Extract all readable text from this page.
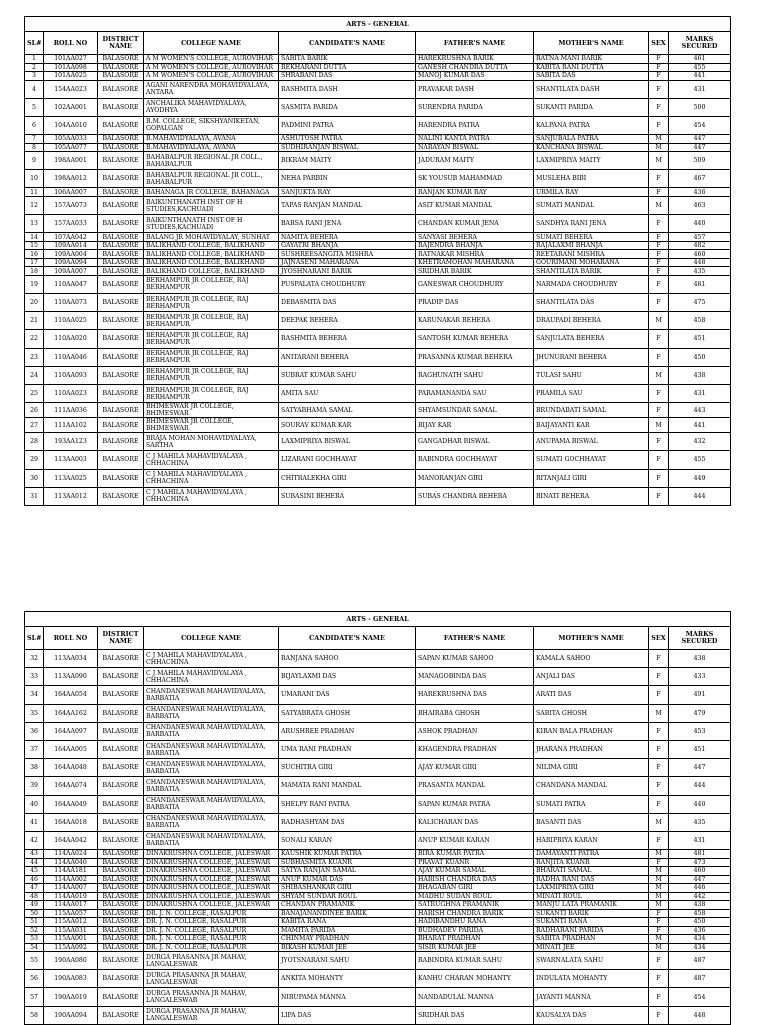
ARTS - GENERAL								
SL#	ROLL NO	DISTRICT NAME	COLLEGE NAME	CANDIDATE'S NAME	FATHER'S NAME	MOTHER'S NAME	SEX	MARKS SECURED
1	101AA027	BALASORE	A M WOMEN'S COLLEGE, AUROVIHAR	SABITA BARIK	HAREKRUSHNA BARIK	RATNA MANI BARIK	F	461
2	101AA098	BALASORE	A M WOMEN'S COLLEGE, AUROVIHAR	REKHARANI DUTTA	GANESH CHANDRA DUTTA	KABITA RANI DUTTA	F	455
3	101AA025	BALASORE	A M WOMEN'S COLLEGE, AUROVIHAR	SHRABANI DAS	MANOJ KUMAR DAS	SABITA DAS	F	441
4	154AA023	BALASORE	AGANI NARENDRA MOHAVIDYALAYA, ANTARA	RASHMITA DASH	PRAVAKAR DASH	SHANTILATA DASH	F	431
5	102AA001	BALASORE	ANCHALIKA MAHAVIDYALAYA, AYODHYA	SASMITA PARIDA	SURENDRA PARIDA	SUKANTI PARIDA	F	500
6	104AA010	BALASORE	B.M. COLLEGE, SIKSHYANIKETAN, GOPALGAN	PADMINI PATRA	HARENDRA PATRA	KALPANA PATRA	F	454
7	105AA033	BALASORE	B.MAHAVIDYALAYA, AVANA	ASHUTOSH PATRA	NALINI KANTA PATRA	SANJUBALA PATRA	M	447
8	105AA077	BALASORE	B.MAHAVIDYALAYA, AVANA	SUDHIRANJAN BISWAL	NARAYAN BISWAL	KANCHANA BISWAL	M	447
9	198AA001	BALASORE	BAHABALPUR REGIONAL JR COLL., BAHABALPUR	BIKRAM MAITY	JADURAM MAITY	LAXMIPRIYA MAITY	M	509
10	198AA012	BALASORE	BAHABALPUR REGIONAL JR COLL., BAHABALPUR	NEHA PARBIN	SK YOUSUB MAHAMMAD	MUSLEHA BIBI	F	467
11	106AA007	BALASORE	BAHANAGA JR COLLEGE, BAHANAGA	SANJUKTA RAY	RANJAN KUMAR RAY	URMILA RAY	F	436
12	157AA073	BALASORE	BAIKUNTHANATH INST OF H STUDIES,KACHUADI	TAPAS RANJAN MANDAL	ASIT KUMAR MANDAL	SUMATI MANDAL	M	463
13	157AA033	BALASORE	BAIKUNTHANATH INST OF H STUDIES,KACHUADI	BARSA RANI JENA	CHANDAN KUMAR JENA	SANDHYA RANI JENA	F	440
14	107AA042	BALASORE	BALANG JR MOHAVIDYALAY, SUNHAT	NAMITA BEHERA	SANYASI BEHERA	SUMATI BEHERA	F	457
15	109AA014	BALASORE	BALIKHAND COLLEGE, BALIKHAND	GAYATRI BHANJA	RAJENDRA BHANJA	RAJALAXMI BHANJA	F	482
16	109AA004	BALASORE	BALIKHAND COLLEGE, BALIKHAND	SUSHREESANGITA MISHRA	RATNAKAR MISHRA	REETARANI MISHRA	F	460
17	109AA094	BALASORE	BALIKHAND COLLEGE, BALIKHAND	JAJNASENI MAHARANA	KHETRAMOHAN MAHARANA	GOURIMANI MOHARANA	F	448
18	109AA007	BALASORE	BALIKHAND COLLEGE, BALIKHAND	JYOSHNARANI BARIK	SRIDHAR BARIK	SHANTILATA BARIK	F	435
19	110AA047	BALASORE	BERHAMPUR JR COLLEGE, RAJ BERHAMPUR	PUSPALATA CHOUDHURY	GANESWAR CHOUDHURY	NARMADA CHOUDHURY	F	481
20	110AA073	BALASORE	BERHAMPUR JR COLLEGE, RAJ BERHAMPUR	DEBASMITA DAS	PRADIP DAS	SHANTILATA DAS	F	475
21	110AA025	BALASORE	BERHAMPUR JR COLLEGE, RAJ BERHAMPUR	DEEPAK BEHERA	KARUNAKAR BEHERA	DRAUPADI BEHERA	M	458
22	110AA020	BALASORE	BERHAMPUR JR COLLEGE, RAJ BERHAMPUR	RASHMITA BEHERA	SANTOSH KUMAR BEHERA	SANJULATA BEHERA	F	451
23	110AA046	BALASORE	BERHAMPUR JR COLLEGE, RAJ BERHAMPUR	ANITARANI BEHERA	PRASANNA KUMAR BEHERA	JHUNURANI BEHERA	F	450
24	110AA093	BALASORE	BERHAMPUR JR COLLEGE, RAJ BERHAMPUR	SUBRAT KUMAR SAHU	RAGHUNATH SAHU	TULASI SAHU	M	438
25	110AA023	BALASORE	BERHAMPUR JR COLLEGE, RAJ BERHAMPUR	AMITA SAU	PARAMANANDA SAU	PRAMILA SAU	F	431
26	111AA036	BALASORE	BHIMESWAR JR COLLEGE, BHIMESWAR	SATYABHAMA SAMAL	SHYAMSUNDAR SAMAL	BRUNDABATI SAMAL	F	443
27	111AA102	BALASORE	BHIMESWAR JR COLLEGE, BHIMESWAR	SOURAV KUMAR KAR	BIJAY KAR	BAIJAYANTI KAR	M	441
28	193AA123	BALASORE	BRAJA MOHAN MOHAVIDYALAYA, SARTHA	LAXMIPRIYA BISWAL	GANGADHAR BISWAL	ANUPAMA BISWAL	F	432
29	113AA003	BALASORE	C J MAHILA MAHAVIDYALAYA , CHHACHINA	LIZARANI GOCHHAYAT	RABINDRA GOCHHAYAT	SUMATI GOCHHAYAT	F	455
30	113AA025	BALASORE	C J MAHILA MAHAVIDYALAYA , CHHACHINA	CHITRALEKHA GIRI	MANORANJAN GIRI	RITANJALI GIRI	F	449
31	113AA012	BALASORE	C J MAHILA MAHAVIDYALAYA , CHHACHINA	SUBASINI BEHERA	SUBAS CHANDRA BEHERA	BINATI BEHERA	F	444
ARTS - GENERAL								
SL#	ROLL NO	DISTRICT NAME	COLLEGE NAME	CANDIDATE'S NAME	FATHER'S NAME	MOTHER'S NAME	SEX	MARKS SECURED
32	113AA034	BALASORE	C J MAHILA MAHAVIDYALAYA , CHHACHINA	RANJANA SAHOO	SAPAN KUMAR SAHOO	KAMALA SAHOO	F	438
33	113AA090	BALASORE	C J MAHILA MAHAVIDYALAYA , CHHACHINA	BIJAYLAXMI DAS	MANAGOBINDA DAS	ANJALI DAS	F	433
34	164AA054	BALASORE	CHANDANESWAR MAHAVIDYALAYA, BARBATIA	UMARANI DAS	HAREKRUSHNA DAS	ARATI DAS	F	491
35	164AA162	BALASORE	CHANDANESWAR MAHAVIDYALAYA, BARBATIA	SATYABRATA GHOSH	BHAIRABA GHOSH	SABITA GHOSH	M	479
36	164AA097	BALASORE	CHANDANESWAR MAHAVIDYALAYA, BARBATIA	ARUSHREE PRADHAN	ASHOK PRADHAN	KIRAN BALA PRADHAN	F	453
37	164AA005	BALASORE	CHANDANESWAR MAHAVIDYALAYA, BARBATIA	UMA RANI PRADHAN	KHAGENDRA PRADHAN	JHARANA PRADHAN	F	451
38	164AA048	BALASORE	CHANDANESWAR MAHAVIDYALAYA, BARBATIA	SUCHITRA GIRI	AJAY KUMAR GIRI	NILIMA GIRI	F	447
39	164AA074	BALASORE	CHANDANESWAR MAHAVIDYALAYA, BARBATIA	MAMATA RANI MANDAL	PRASANTA MANDAL	CHANDANA MANDAL	F	444
40	164AA049	BALASORE	CHANDANESWAR MAHAVIDYALAYA, BARBATIA	SHELPY RANI PATRA	SAPAN KUMAR PATRA	SUMATI PATRA	F	440
41	164AA018	BALASORE	CHANDANESWAR MAHAVIDYALAYA, BARBATIA	RADHASHYAM DAS	KALICHARAN DAS	BASANTI DAS	M	435
42	164AA042	BALASORE	CHANDANESWAR MAHAVIDYALAYA, BARBATIA	SONALI KARAN	ANUP KUMAR KARAN	HARIPRIYA KARAN	F	431
43	114AA024	BALASORE	DINAKRUSHNA COLLEGE, JALESWAR	KAUSHIK KUMAR PATRA	BIRA KUMAR PATRA	DAMAYANTI PATRA	M	481
44	114AA046	BALASORE	DINAKRUSHNA COLLEGE, JALESWAR	SUBHASMITA KUANR	PRAVAT KUANR	RANJITA KUANR	F	473
45	114AA181	BALASORE	DINAKRUSHNA COLLEGE, JALESWAR	SATYA RANJAN SAMAL	AJAY KUMAR SAMAL	BHARATI SAMAL	M	460
46	114AA002	BALASORE	DINAKRUSHNA COLLEGE, JALESWAR	ANUP KUMAR DAS	HARISH CHANDRA DAS	RADHA RANI DAS	M	447
47	114AA007	BALASORE	DINAKRUSHNA COLLEGE, JALESWAR	SHIBASHANKAR GIRI	BHAGABAN GIRI	LAXMIPRIYA GIRI	M	446
48	114AA019	BALASORE	DINAKRUSHNA COLLEGE, JALESWAR	SHYAM SUNDAR ROUL	MADHU SUDAN ROUL	MINATI ROUL	M	442
49	114AA017	BALASORE	DINAKRUSHNA COLLEGE, JALESWAR	CHANDAN PRAMANIK	SATRUGHNA PRAMANIK	MANJU LATA PRAMANIK	M	438
50	115AA057	BALASORE	DR. J. N. COLLEGE, RASALPUR	BANAJANANDINEE BARIK	HARISH CHANDRA BARIK	SUKANTI BARIK	F	458
51	115AA012	BALASORE	DR. J. N. COLLEGE, RASALPUR	KABITA RANA	HADIBANDHU RANA	SUKANTI RANA	F	450
52	115AA031	BALASORE	DR. J. N. COLLEGE, RASALPUR	MAMITA PARIDA	BUDHADEV PARIDA	RADHARANI PARIDA	F	436
53	115AA001	BALASORE	DR. J. N. COLLEGE, RASALPUR	CHINMAY PRADHAN	BHARAT PRADHAN	SABITA PRADHAN	M	434
54	115AA092	BALASORE	DR. J. N. COLLEGE, RASALPUR	BIKASH KUMAR JEE	SISIR KUMAR JEE	MINATI JEE	M	434
55	190AA080	BALASORE	DURGA PRASANNA JR MAHAV, LANGALESWAR	JYOTSNARANI SAHU	RABINDRA KUMAR SAHU	SWARNALATA SAHU	F	487
56	190AA083	BALASORE	DURGA PRASANNA JR MAHAV, LANGALESWAR	ANKITA MOHANTY	KANHU CHARAN MOHANTY	INDULATA MOHANTY	F	487
57	190AA019	BALASORE	DURGA PRASANNA JR MAHAV, LANGALESWAR	NIRUPAMA MANNA	NANDADULAL MANNA	JAYANTI MANNA	F	454
58	190AA094	BALASORE	DURGA PRASANNA JR MAHAV, LANGALESWAR	LIPA DAS	SRIDHAR DAS	KAUSALYA DAS	F	448
